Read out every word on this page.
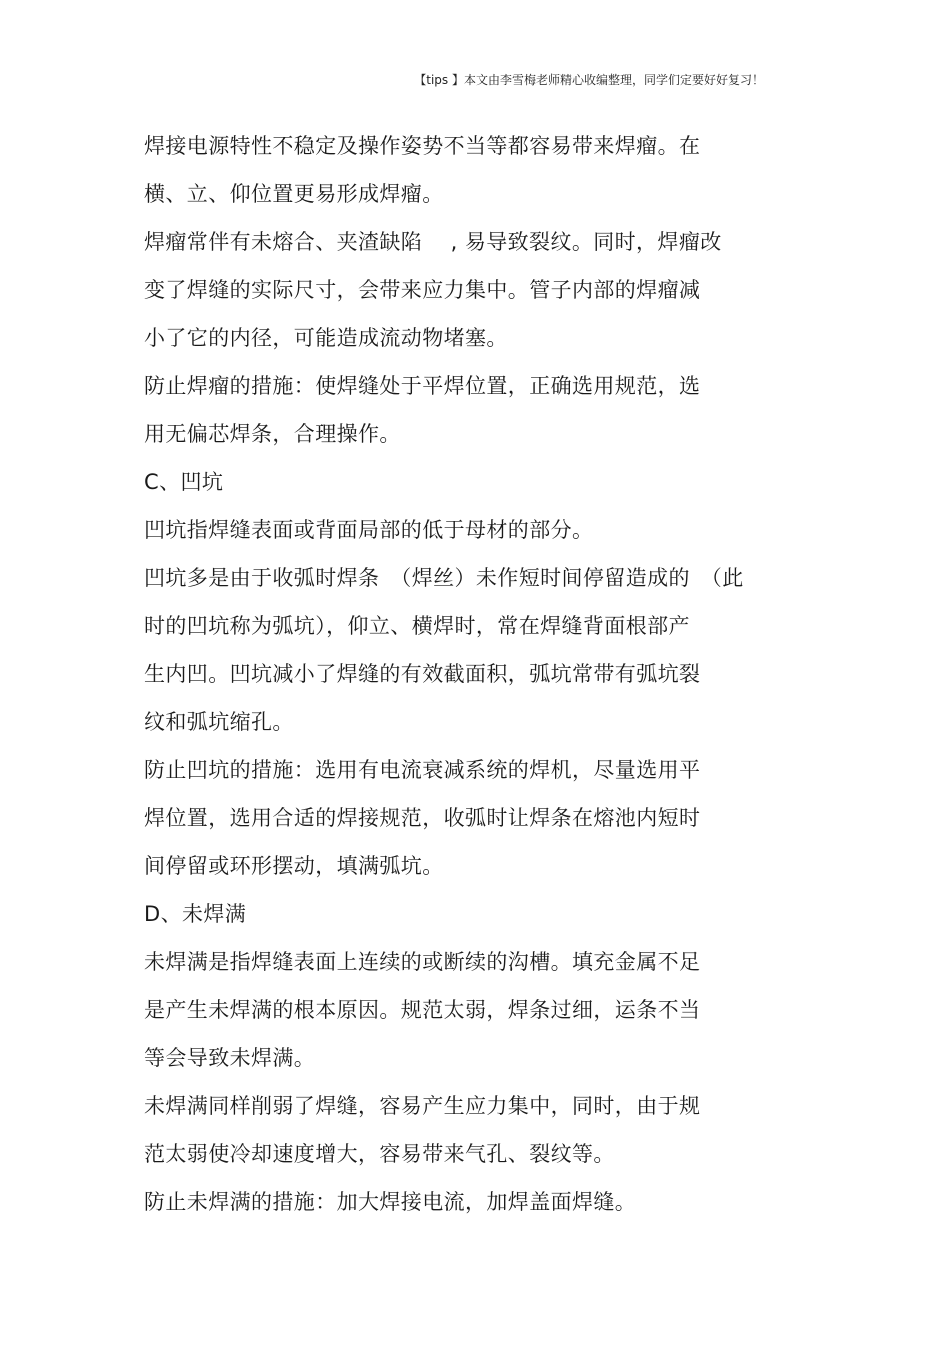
【tips 】本文由李雪梅老师精心收编整理，同学们定要好好复习！
焊接电源特性不稳定及操作姿势不当等都容易带来焊瘤。在
横、立、仰位置更易形成焊瘤。
焊瘤常伴有未熔合、夹渣缺陷　 , 易导致裂纹。同时，焊瘤改
变了焊缝的实际尺寸，会带来应力集中。管子内部的焊瘤减
小了它的内径，可能造成流动物堵塞。
防止焊瘤的措施：使焊缝处于平焊位置，正确选用规范，选
用无偏芯焊条，合理操作。
C、凹坑
凹坑指焊缝表面或背面局部的低于母材的部分。
凹坑多是由于收弧时焊条　（焊丝）未作短时间停留造成的　（此
时的凹坑称为弧坑），仰立、横焊时，常在焊缝背面根部产
生内凹。凹坑减小了焊缝的有效截面积，弧坑常带有弧坑裂
纹和弧坑缩孔。
防止凹坑的措施：选用有电流衰减系统的焊机，尽量选用平
焊位置，选用合适的焊接规范，收弧时让焊条在熔池内短时
间停留或环形摆动，填满弧坑。
D、未焊满
未焊满是指焊缝表面上连续的或断续的沟槽。填充金属不足
是产生未焊满的根本原因。规范太弱，焊条过细，运条不当
等会导致未焊满。
未焊满同样削弱了焊缝，容易产生应力集中，同时，由于规
范太弱使冷却速度增大，容易带来气孔、裂纹等。
防止未焊满的措施：加大焊接电流，加焊盖面焊缝。
